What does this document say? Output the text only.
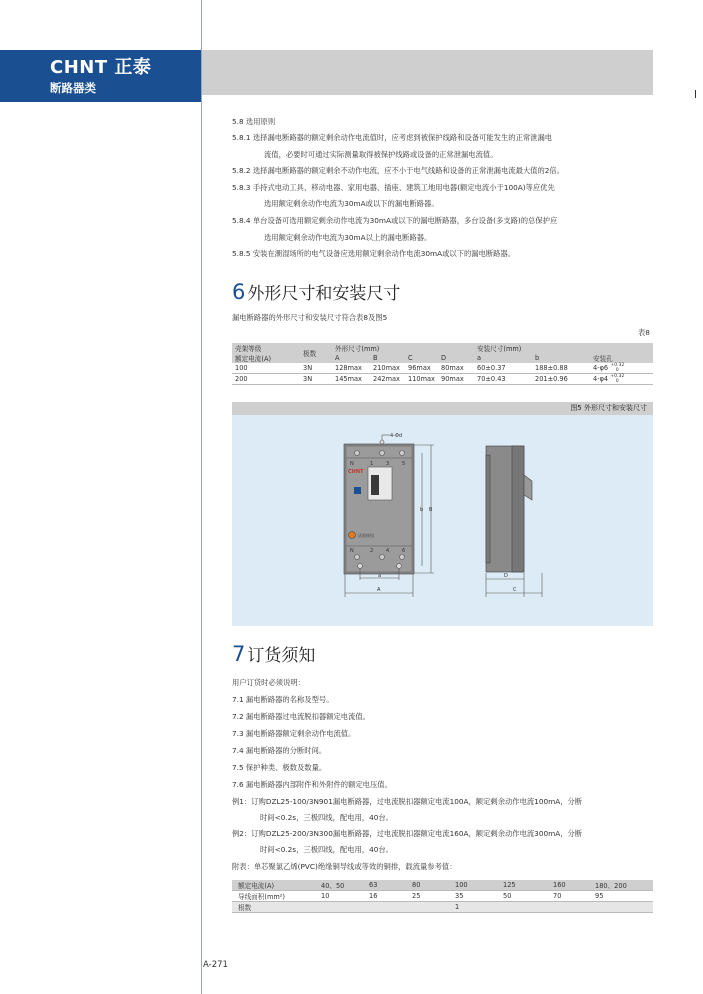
CHNT 正泰
断路器类
5.8 选用原则
5.8.1 选择漏电断路器的额定剩余动作电流值时，应考虑到被保护线路和设备可能发生的正常泄漏电
流值，必要时可通过实际测量取得被保护线路或设备的正常泄漏电流值。
5.8.2 选择漏电断路器的额定剩余不动作电流，应不小于电气线路和设备的正常泄漏电流最大值的2倍。
5.8.3 手持式电动工具、移动电器、家用电器、插座、建筑工地用电器(额定电流小于100A)等应优先
选用额定剩余动作电流为30mA或以下的漏电断路器。
5.8.4 单台设备可选用额定剩余动作电流为30mA或以下的漏电断路器，多台设备(多支路)的总保护应
选用额定剩余动作电流为30mA以上的漏电断路器。
5.8.5 安装在潮湿场所的电气设备应选用额定剩余动作电流30mA或以下的漏电断路器。
6 外形尺寸和安装尺寸
漏电断路器的外形尺寸和安装尺寸符合表8及图5
表8
壳架等级	极数	外形尺寸(mm)				安装尺寸(mm)		
额定电流(A)		A	B	C	D	a	b	安装孔
100	3N	128max	210max	96max	80max	60±0.37	188±0.88	4-φ6 +0.32
0

200	3N	145max	242max	110max	90max	70±0.43	201±0.96	4-φ4 +0.32
0
图5 外形尺寸和安装尺寸
4-Φd
CHNT
试验按钮
N	1	3	5
N	2	4	6
a
A
b B
D
C
7 订货须知
用户订货时必须说明：
7.1 漏电断路器的名称及型号。
7.2 漏电断路器过电流脱扣器额定电流值。
7.3 漏电断路器额定剩余动作电流值。
7.4 漏电断路器的分断时间。
7.5 保护种类、极数及数量。
7.6 漏电断路器内部附件和外附件的额定电压值。
例1：订购DZL25-100/3N901漏电断路器，过电流脱扣器额定电流100A，额定剩余动作电流100mA，分断
时间<0.2s，三极四线，配电用，40台。
例2：订购DZL25-200/3N300漏电断路器，过电流脱扣器额定电流160A，额定剩余动作电流300mA，分断
时间<0.2s，三极四线，配电用，40台。
附表：单芯聚氯乙烯(PVC)绝缘铜导线或等效的铜排，载流量参考值：
额定电流(A)	40、50	63	80	100	125	160	180、200
导线面积(mm²)	10	16	25	35	50	70	95
根数				1			
A-271
